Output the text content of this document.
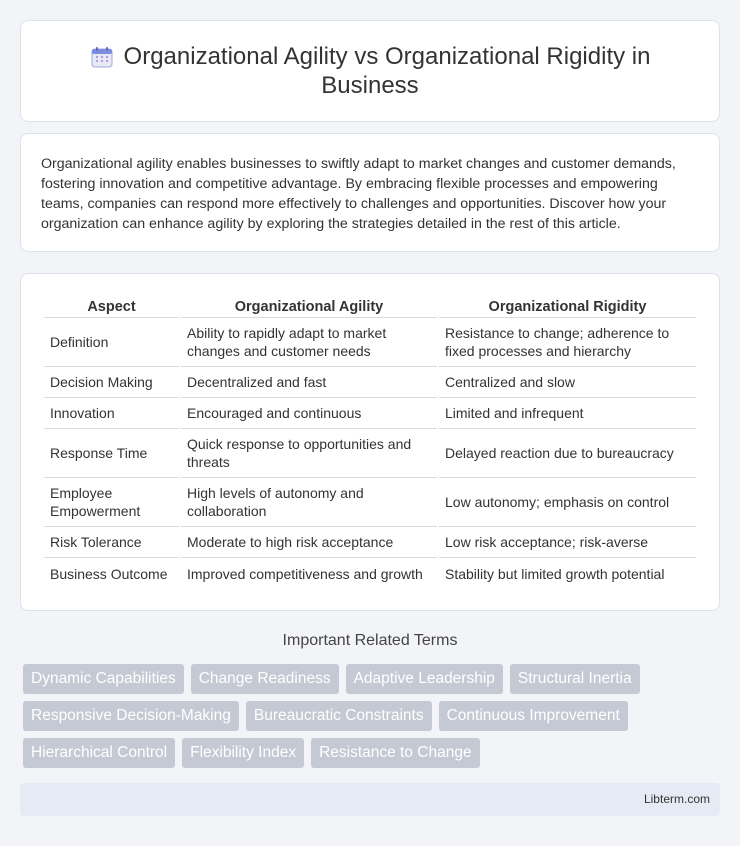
Organizational Agility vs Organizational Rigidity in Business

Organizational agility enables businesses to swiftly adapt to market changes and customer demands, fostering innovation and competitive advantage. By embracing flexible processes and empowering teams, companies can respond more effectively to challenges and opportunities. Discover how your organization can enhance agility by exploring the strategies detailed in the rest of this article.

Aspect	Organizational Agility	Organizational Rigidity
Definition	Ability to rapidly adapt to market changes and customer needs	Resistance to change; adherence to fixed processes and hierarchy
Decision Making	Decentralized and fast	Centralized and slow
Innovation	Encouraged and continuous	Limited and infrequent
Response Time	Quick response to opportunities and threats	Delayed reaction due to bureaucracy
Employee Empowerment	High levels of autonomy and collaboration	Low autonomy; emphasis on control
Risk Tolerance	Moderate to high risk acceptance	Low risk acceptance; risk-averse
Business Outcome	Improved competitiveness and growth	Stability but limited growth potential
Important Related Terms
Dynamic Capabilities	Change Readiness	Adaptive Leadership	Structural Inertia
Responsive Decision-Making	Bureaucratic Constraints	Continuous Improvement
Hierarchical Control	Flexibility Index	Resistance to Change
Libterm.com
